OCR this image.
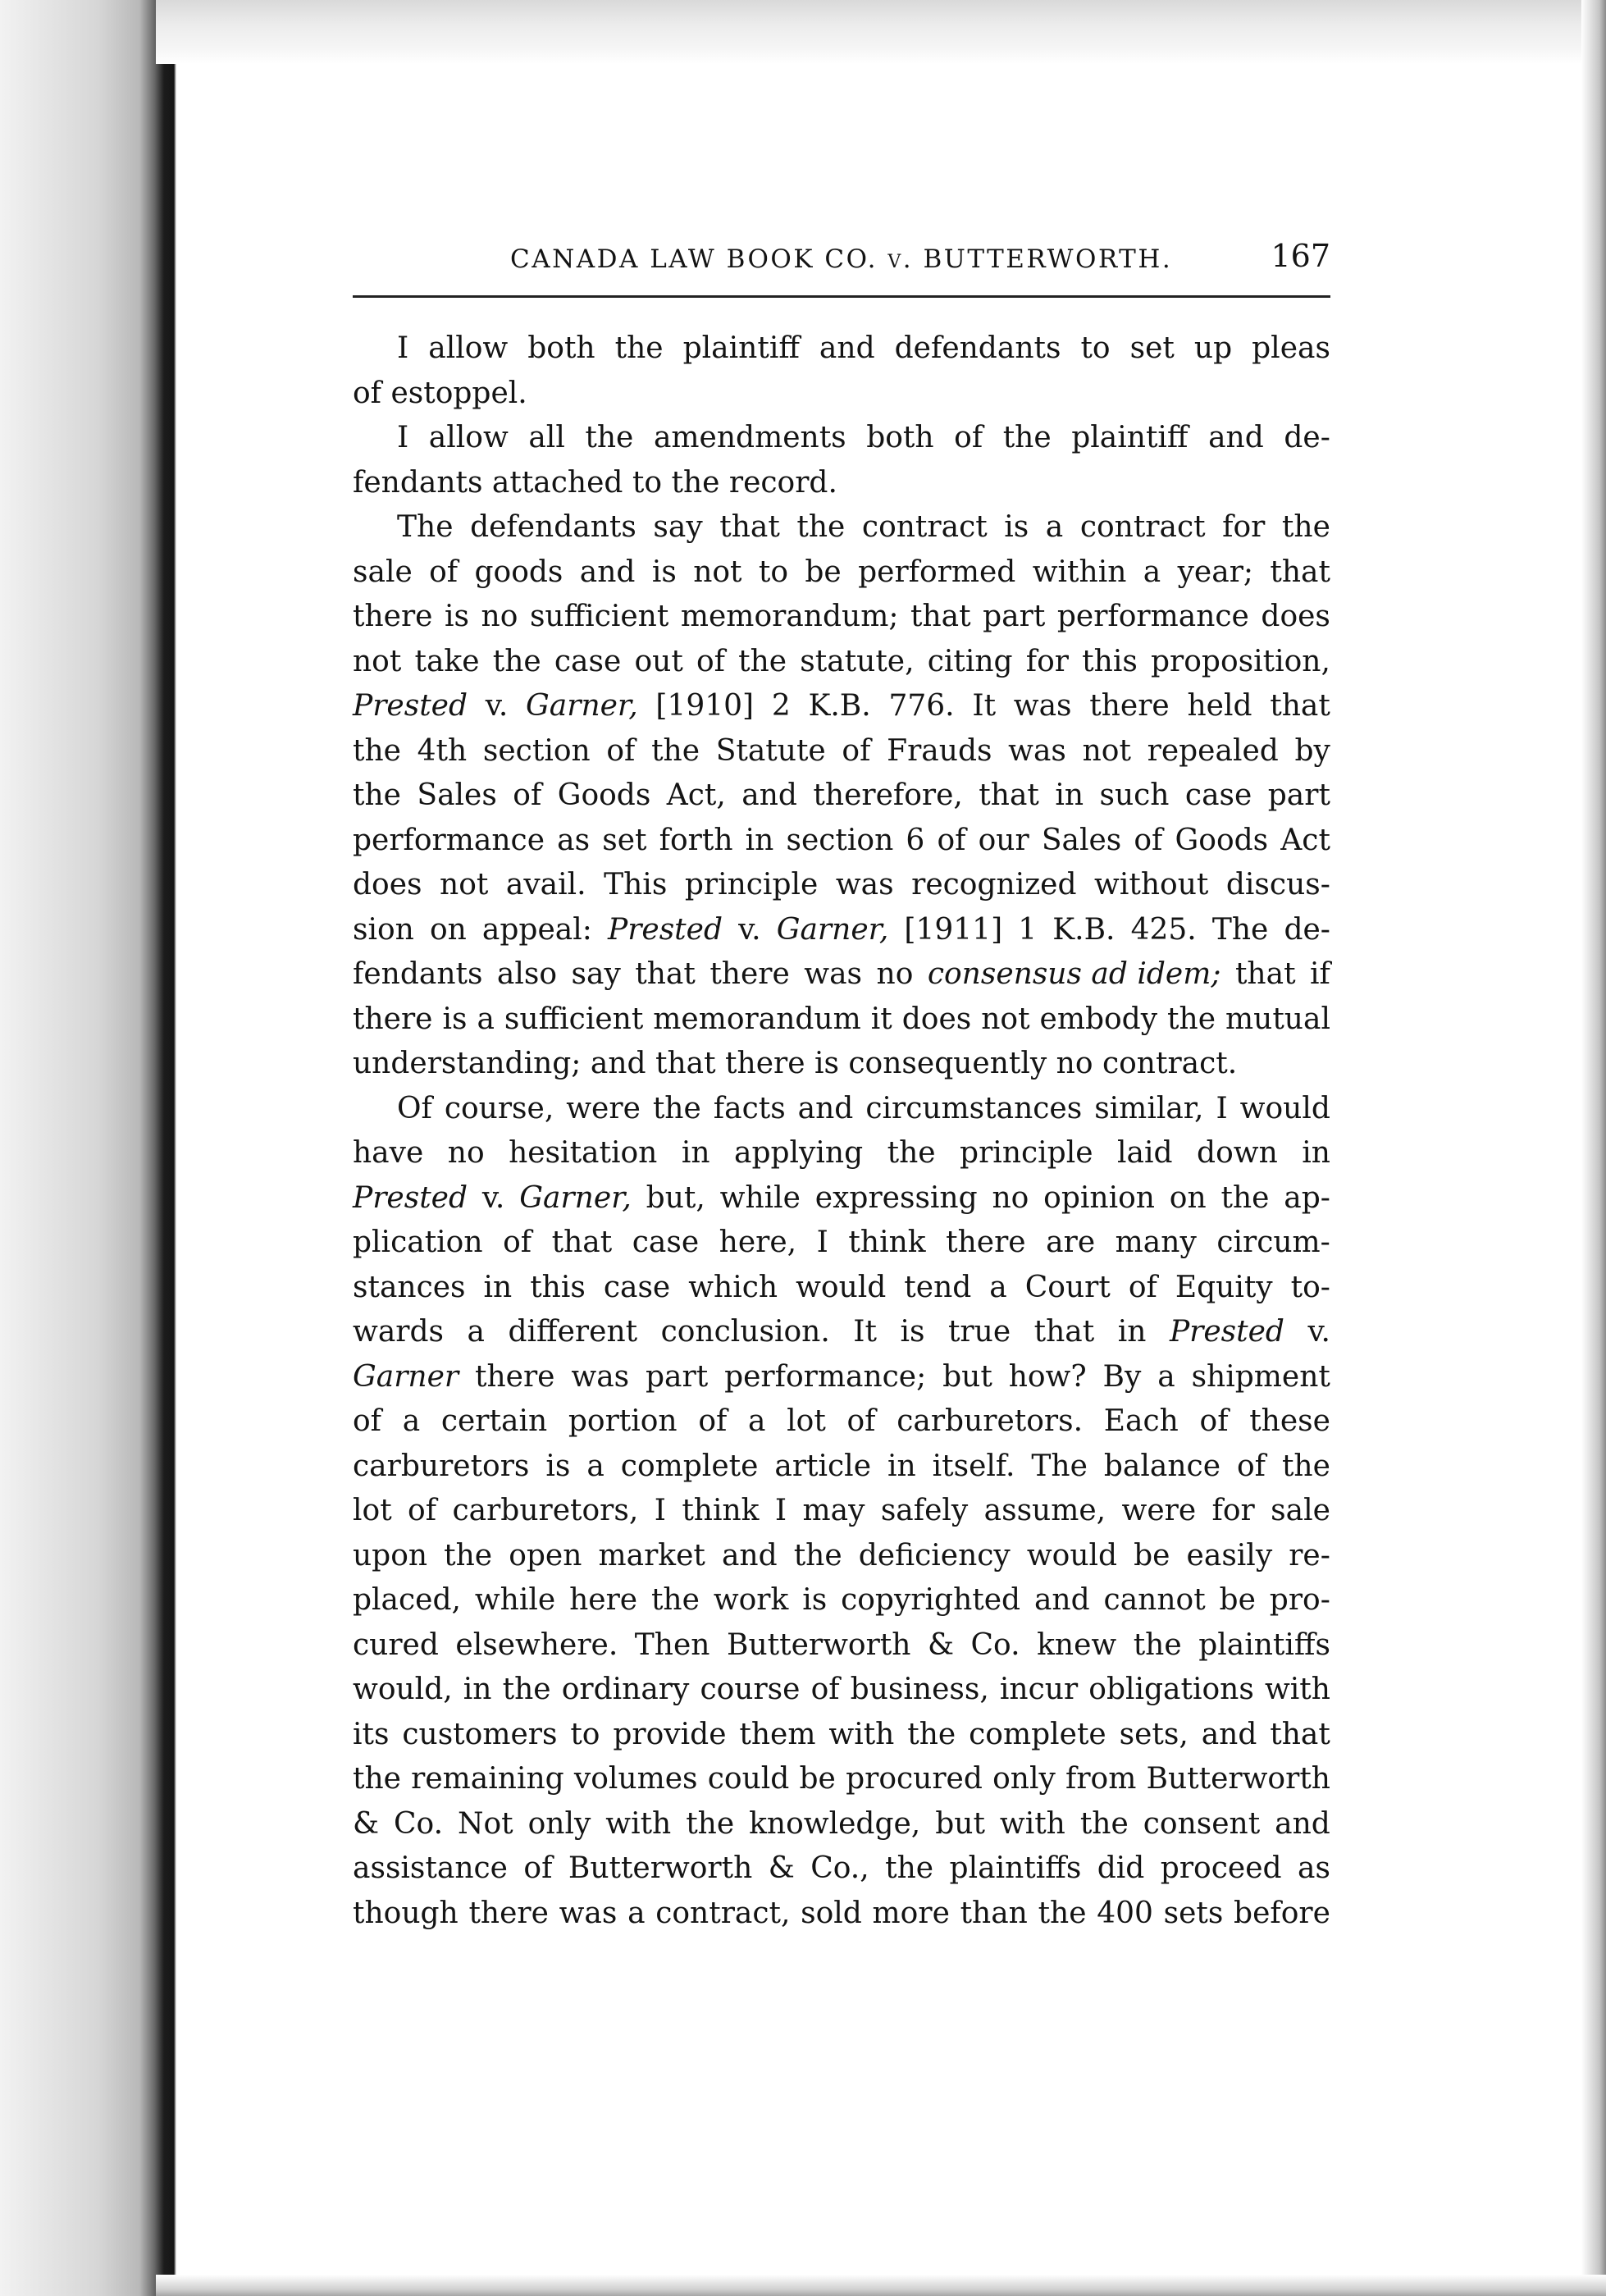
CANADA LAW BOOK CO. v. BUTTERWORTH.	167
I allow both the plaintiff and defendants to set up pleas
of estoppel.
I allow all the amendments both of the plaintiff and de-
fendants attached to the record.
The defendants say that the contract is a contract for the
sale of goods and is not to be performed within a year; that
there is no sufficient memorandum; that part performance does
not take the case out of the statute, citing for this proposition,
Prested v. Garner, [1910] 2 K.B. 776. It was there held that
the 4th section of the Statute of Frauds was not repealed by
the Sales of Goods Act, and therefore, that in such case part
performance as set forth in section 6 of our Sales of Goods Act
does not avail. This principle was recognized without discus-
sion on appeal: Prested v. Garner, [1911] 1 K.B. 425. The de-
fendants also say that there was no consensus ad idem; that if
there is a sufficient memorandum it does not embody the mutual
understanding; and that there is consequently no contract.
Of course, were the facts and circumstances similar, I would
have no hesitation in applying the principle laid down in
Prested v. Garner, but, while expressing no opinion on the ap-
plication of that case here, I think there are many circum-
stances in this case which would tend a Court of Equity to-
wards a different conclusion. It is true that in Prested v.
Garner there was part performance; but how? By a shipment
of a certain portion of a lot of carburetors. Each of these
carburetors is a complete article in itself. The balance of the
lot of carburetors, I think I may safely assume, were for sale
upon the open market and the deficiency would be easily re-
placed, while here the work is copyrighted and cannot be pro-
cured elsewhere. Then Butterworth & Co. knew the plaintiffs
would, in the ordinary course of business, incur obligations with
its customers to provide them with the complete sets, and that
the remaining volumes could be procured only from Butterworth
& Co. Not only with the knowledge, but with the consent and
assistance of Butterworth & Co., the plaintiffs did proceed as
though there was a contract, sold more than the 400 sets before
